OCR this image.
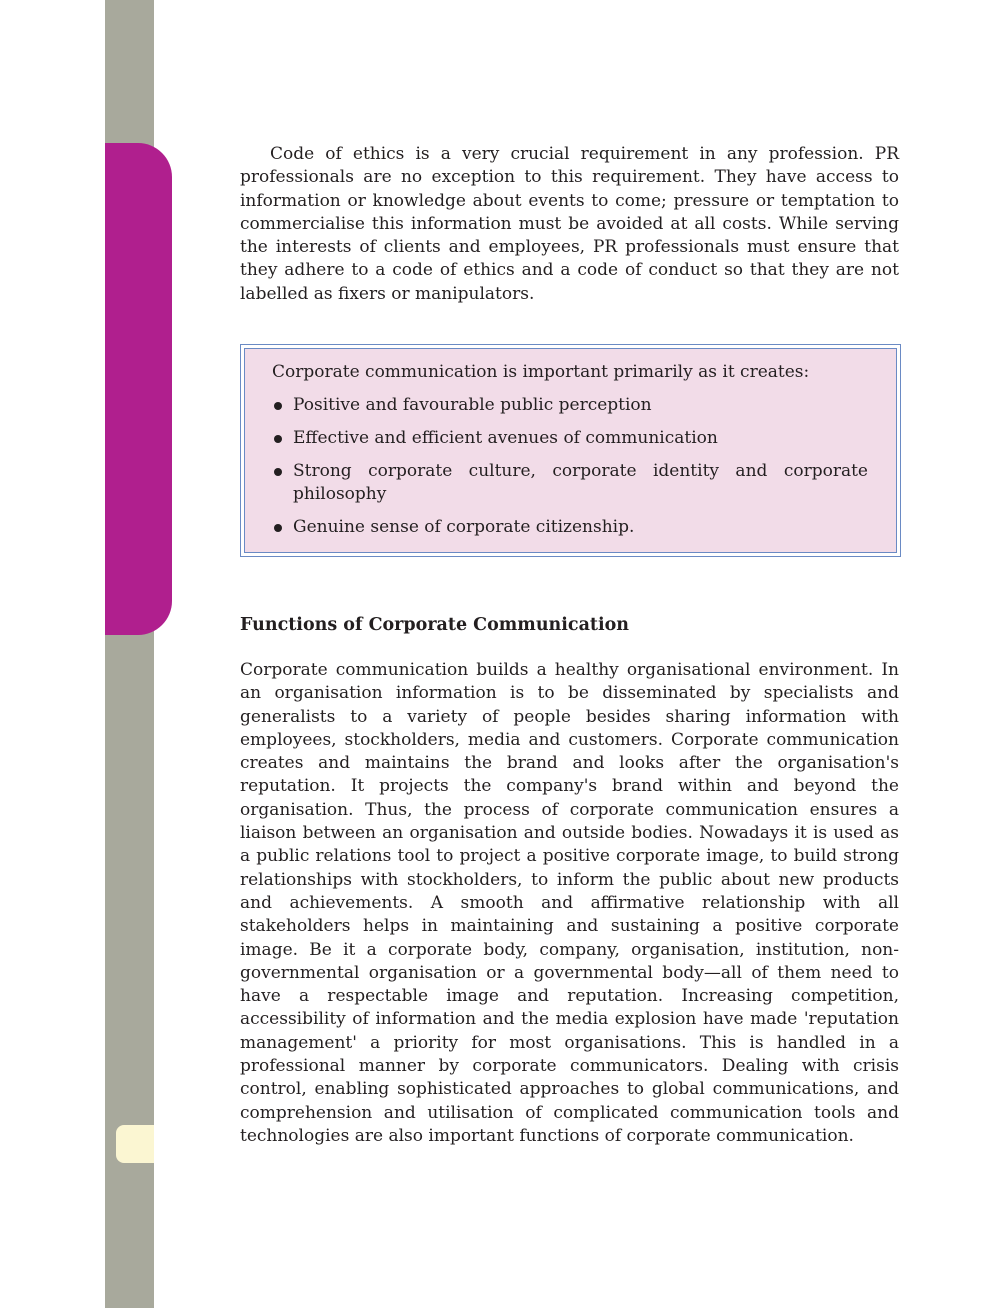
Code of ethics is a very crucial requirement in any profession. PR professionals are no exception to this requirement. They have access to information or knowledge about events to come; pressure or temptation to commercialise this information must be avoided at all costs. While serving the interests of clients and employees, PR professionals must ensure that they adhere to a code of ethics and a code of conduct so that they are not labelled as fixers or manipulators.

Corporate communication is important primarily as it creates:

Positive and favourable public perception
Effective and efficient avenues of communication
Strong corporate culture, corporate identity and corporate philosophy
Genuine sense of corporate citizenship.
Functions of Corporate Communication

Corporate communication builds a healthy organisational environment. In an organisation information is to be disseminated by specialists and generalists to a variety of people besides sharing information with employees, stockholders, media and customers. Corporate communication creates and maintains the brand and looks after the organisation's reputation. It projects the company's brand within and beyond the organisation. Thus, the process of corporate communication ensures a liaison between an organisation and outside bodies. Nowadays it is used as a public relations tool to project a positive corporate image, to build strong relationships with stockholders, to inform the public about new products and achievements. A smooth and affirmative relationship with all stakeholders helps in maintaining and sustaining a positive corporate image. Be it a corporate body, company, organisation, institution, non-governmental organisation or a governmental body—all of them need to have a respectable image and reputation. Increasing competition, accessibility of information and the media explosion have made 'reputation management' a priority for most organisations. This is handled in a professional manner by corporate communicators. Dealing with crisis control, enabling sophisticated approaches to global communications, and comprehension and utilisation of complicated communication tools and technologies are also important functions of corporate communication.
